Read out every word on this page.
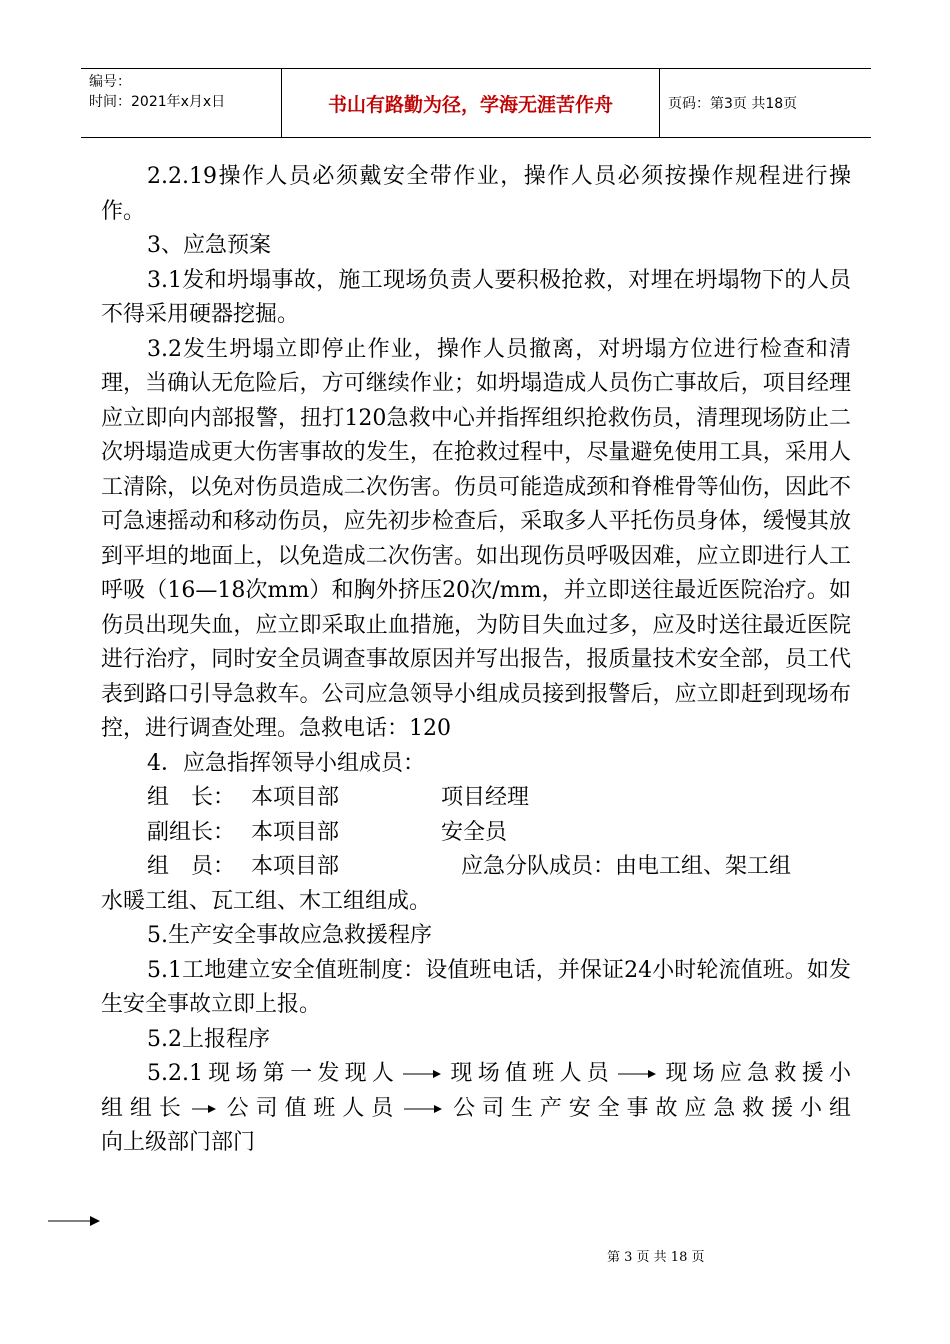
编号：
时间：2021年x月x日	书山有路勤为径，学海无涯苦作舟	页码：第3页 共18页

2.2.19操作人员必须戴安全带作业，操作人员必须按操作规程进行操作。

3、应急预案

3.1发和坍塌事故，施工现场负责人要积极抢救，对埋在坍塌物下的人员不得采用硬器挖掘。

3.2发生坍塌立即停止作业，操作人员撤离，对坍塌方位进行检查和清理，当确认无危险后，方可继续作业；如坍塌造成人员伤亡事故后，项目经理应立即向内部报警，扭打120急救中心并指挥组织抢救伤员，清理现场防止二次坍塌造成更大伤害事故的发生，在抢救过程中，尽量避免使用工具，采用人工清除，以免对伤员造成二次伤害。伤员可能造成颈和脊椎骨等仙伤，因此不可急速摇动和移动伤员，应先初步检查后，采取多人平托伤员身体，缓慢其放到平坦的地面上，以免造成二次伤害。如出现伤员呼吸因难，应立即进行人工呼吸（16—18次mm）和胸外挤压20次/mm，并立即送往最近医院治疗。如伤员出现失血，应立即采取止血措施，为防目失血过多，应及时送往最近医院进行治疗，同时安全员调查事故原因并写出报告，报质量技术安全部，员工代表到路口引导急救车。公司应急领导小组成员接到报警后，应立即赶到现场布控，进行调查处理。急救电话：120

4．应急指挥领导小组成员：

组　长： 本项目部	项目经理
副组长： 本项目部	安全员
组　员： 本项目部	应急分队成员：由电工组、架工组

水暖工组、瓦工组、木工组组成。

5.生产安全事故应急救援程序

5.1工地建立安全值班制度：设值班电话，并保证24小时轮流值班。如发生安全事故立即上报。

5.2上报程序

5.2.1现场第一发现人 现场值班人员 现场应急救援小

组组长 公司值班人员 公司生产安全事故应急救援小组

向上级部门部门

第 3 页 共 18 页
